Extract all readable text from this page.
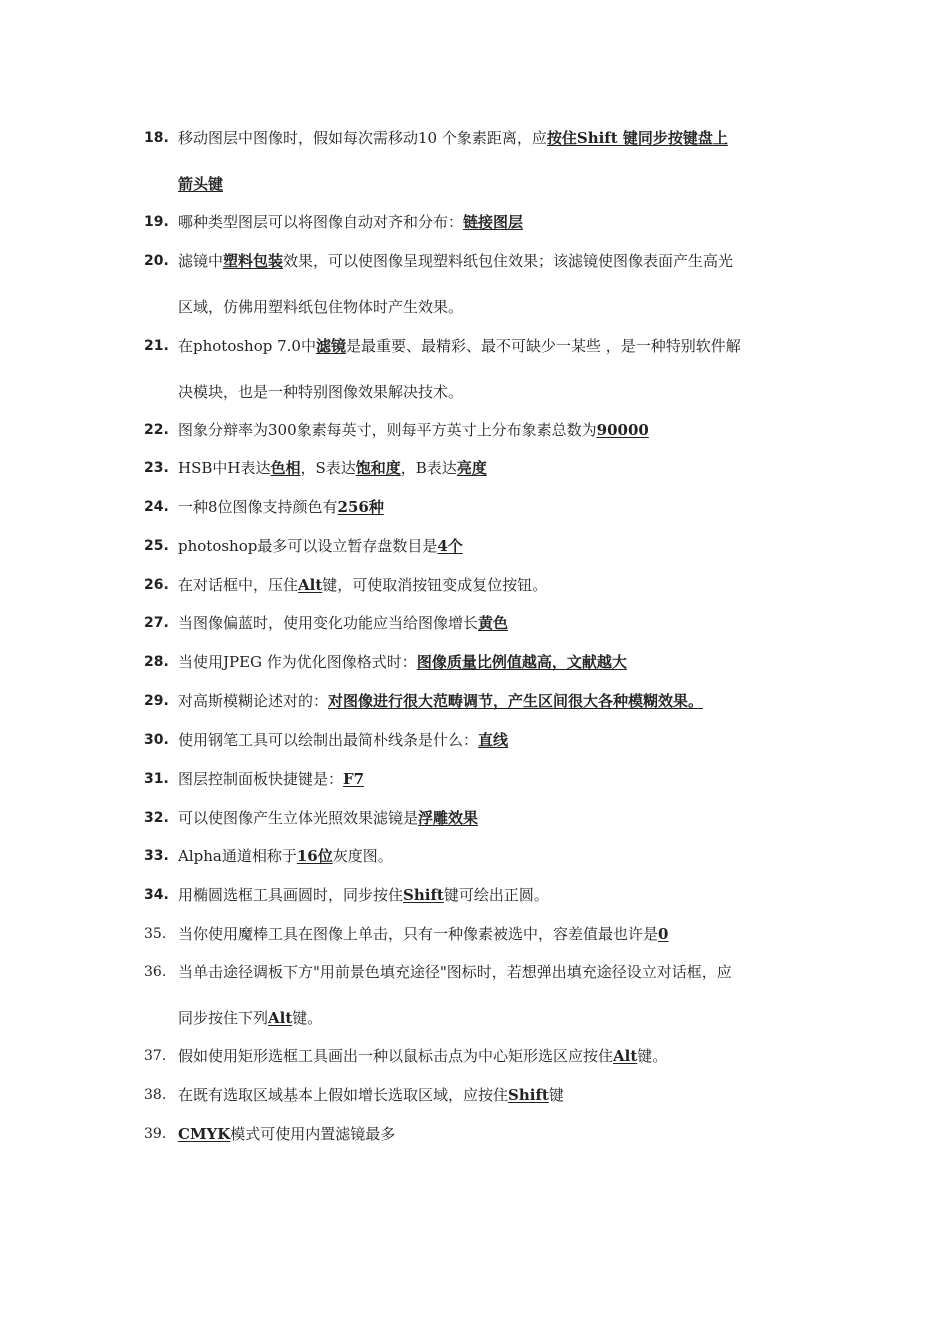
18. 移动图层中图像时，假如每次需移动10 个象素距离，应按住Shift 键同步按键盘上
箭头键
19. 哪种类型图层可以将图像自动对齐和分布：链接图层
20. 滤镜中塑料包装效果，可以使图像呈现塑料纸包住效果；该滤镜使图像表面产生高光
区域，仿佛用塑料纸包住物体时产生效果。
21. 在photoshop 7.0中滤镜是最重要、最精彩、最不可缺少一某些 ，是一种特别软件解
决模块，也是一种特别图像效果解决技术。
22. 图象分辩率为300象素每英寸，则每平方英寸上分布象素总数为90000
23. HSB中H表达色相，S表达饱和度，B表达亮度
24. 一种8位图像支持颜色有256种
25. photoshop最多可以设立暂存盘数目是4个
26. 在对话框中，压住Alt键，可使取消按钮变成复位按钮。
27. 当图像偏蓝时，使用变化功能应当给图像增长黄色
28. 当使用JPEG 作为优化图像格式时：图像质量比例值越高，文献越大
29. 对高斯模糊论述对的：对图像进行很大范畴调节，产生区间很大各种模糊效果。
30. 使用钢笔工具可以绘制出最简朴线条是什么：直线
31. 图层控制面板快捷键是：F7
32. 可以使图像产生立体光照效果滤镜是浮雕效果
33. Alpha通道相称于16位灰度图。
34. 用椭圆选框工具画圆时，同步按住Shift键可绘出正圆。
35. 当你使用魔棒工具在图像上单击，只有一种像素被选中，容差值最也许是0
36. 当单击途径调板下方"用前景色填充途径"图标时，若想弹出填充途径设立对话框，应
同步按住下列Alt键。
37. 假如使用矩形选框工具画出一种以鼠标击点为中心矩形选区应按住Alt键。
38. 在既有选取区域基本上假如增长选取区域，应按住Shift键
39. CMYK模式可使用内置滤镜最多
